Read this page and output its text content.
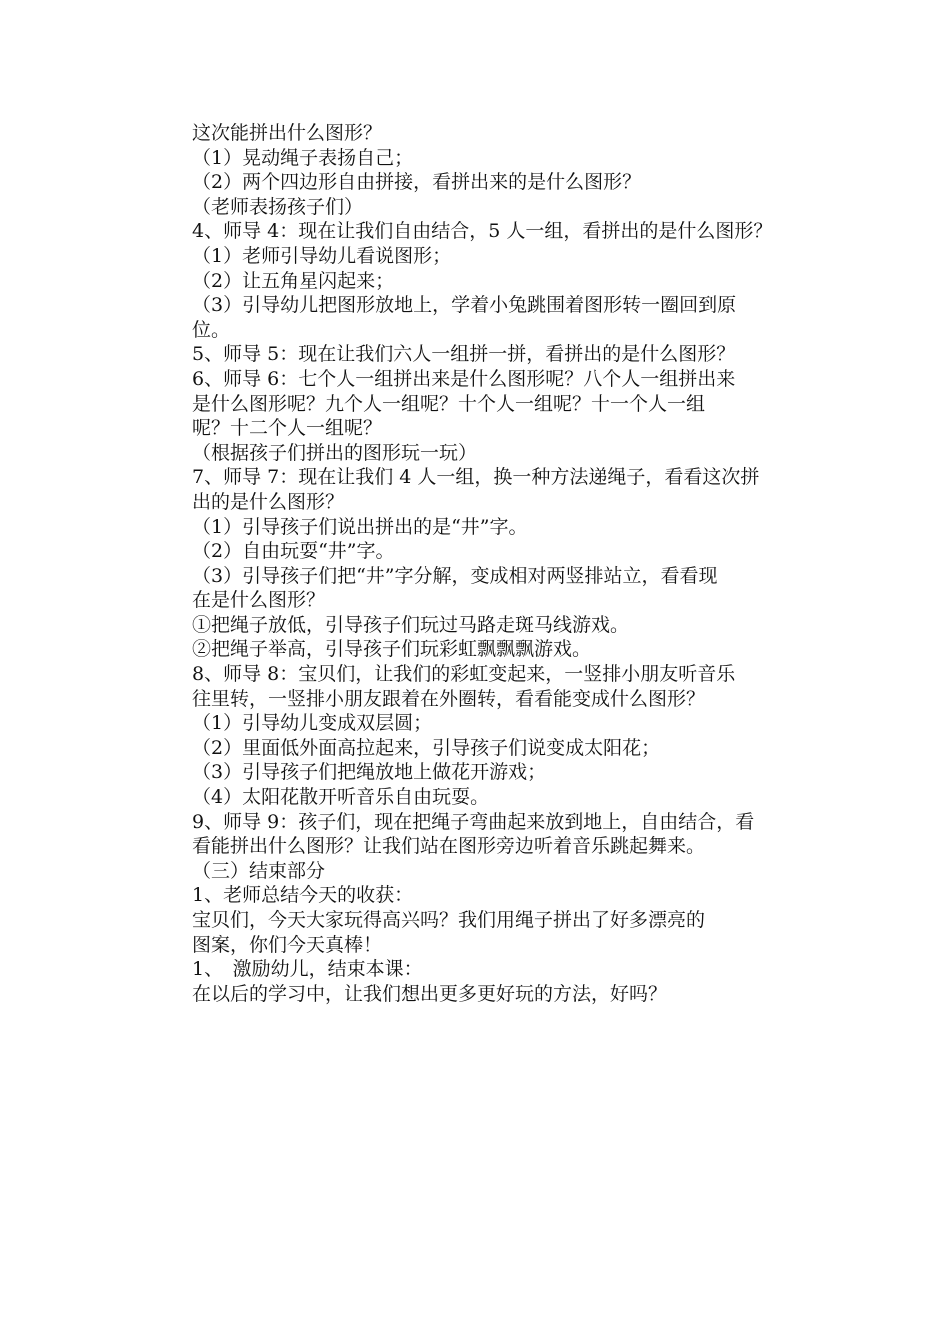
这次能拼出什么图形？
（1）晃动绳子表扬自己；
（2）两个四边形自由拼接，看拼出来的是什么图形？
（老师表扬孩子们）
4、师导 4：现在让我们自由结合，5 人一组，看拼出的是什么图形？
（1）老师引导幼儿看说图形；
（2）让五角星闪起来；
（3）引导幼儿把图形放地上，学着小兔跳围着图形转一圈回到原
位。
5、师导 5：现在让我们六人一组拼一拼，看拼出的是什么图形？
6、师导 6：七个人一组拼出来是什么图形呢？八个人一组拼出来
是什么图形呢？九个人一组呢？十个人一组呢？十一个人一组
呢？十二个人一组呢？
（根据孩子们拼出的图形玩一玩）
7、师导 7：现在让我们 4 人一组，换一种方法递绳子，看看这次拼
出的是什么图形？
（1）引导孩子们说出拼出的是“井”字。
（2）自由玩耍“井”字。
（3）引导孩子们把“井”字分解，变成相对两竖排站立，看看现
在是什么图形？
①把绳子放低，引导孩子们玩过马路走斑马线游戏。
②把绳子举高，引导孩子们玩彩虹飘飘飘游戏。
8、师导 8：宝贝们，让我们的彩虹变起来，一竖排小朋友听音乐
往里转，一竖排小朋友跟着在外圈转，看看能变成什么图形？
（1）引导幼儿变成双层圆；
（2）里面低外面高拉起来，引导孩子们说变成太阳花；
（3）引导孩子们把绳放地上做花开游戏；
（4）太阳花散开听音乐自由玩耍。
9、师导 9：孩子们，现在把绳子弯曲起来放到地上，自由结合，看
看能拼出什么图形？让我们站在图形旁边听着音乐跳起舞来。
（三）结束部分
1、老师总结今天的收获：
宝贝们，今天大家玩得高兴吗？我们用绳子拼出了好多漂亮的
图案，你们今天真棒！
1、　激励幼儿，结束本课：
在以后的学习中，让我们想出更多更好玩的方法，好吗？
